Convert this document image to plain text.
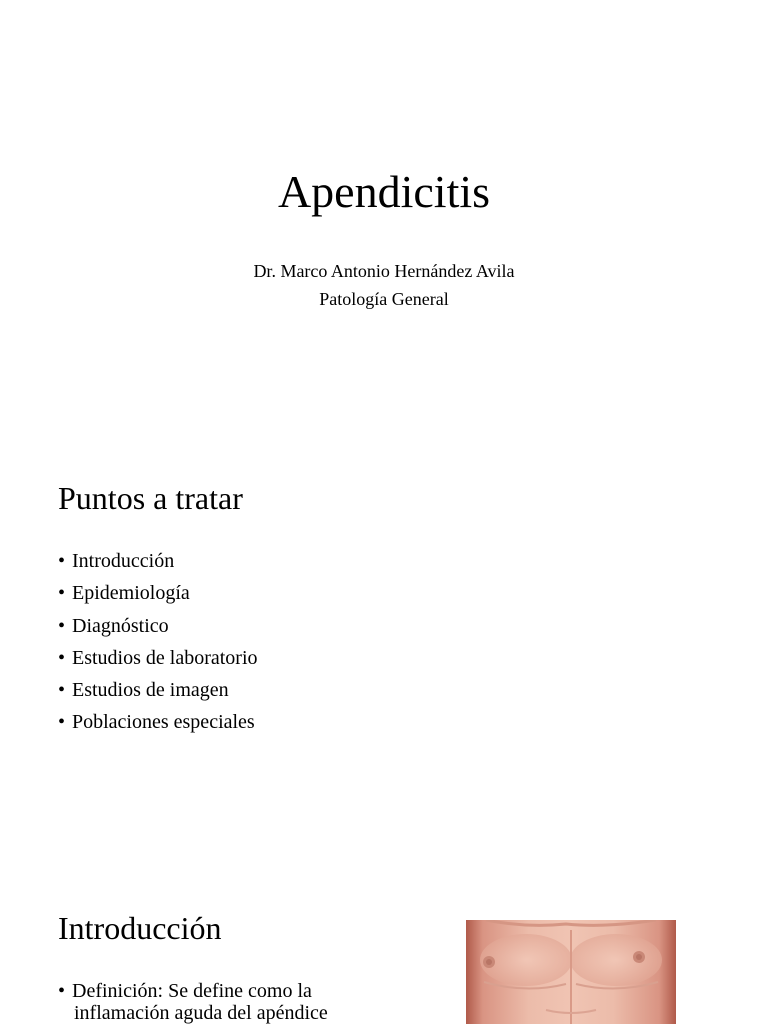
Apendicitis
Dr. Marco Antonio Hernández Avila
Patología General
Puntos a tratar
• Introducción
• Epidemiología
• Diagnóstico
• Estudios de laboratorio
• Estudios de imagen
• Poblaciones especiales
Introducción
• Definición: Se define como la
inflamación aguda del apéndice
